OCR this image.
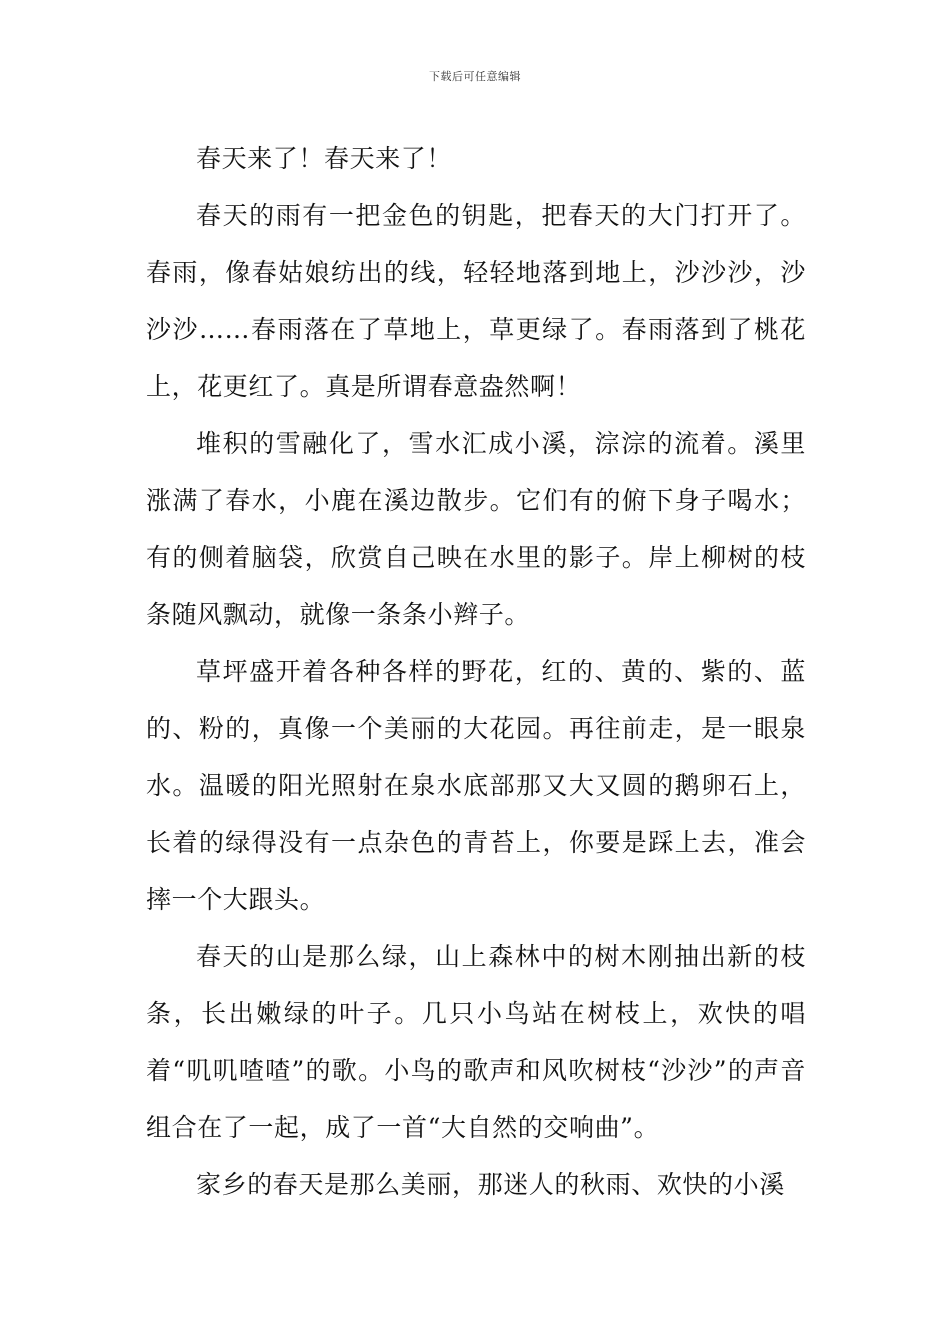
下载后可任意编辑

春天来了！春天来了！

春天的雨有一把金色的钥匙，把春天的大门打开了。春雨，像春姑娘纺出的线，轻轻地落到地上，沙沙沙，沙沙沙……春雨落在了草地上，草更绿了。春雨落到了桃花上，花更红了。真是所谓春意盎然啊！

堆积的雪融化了，雪水汇成小溪，淙淙的流着。溪里涨满了春水，小鹿在溪边散步。它们有的俯下身子喝水；有的侧着脑袋，欣赏自己映在水里的影子。岸上柳树的枝条随风飘动，就像一条条小辫子。

草坪盛开着各种各样的野花，红的、黄的、紫的、蓝的、粉的，真像一个美丽的大花园。再往前走，是一眼泉水。温暖的阳光照射在泉水底部那又大又圆的鹅卵石上，长着的绿得没有一点杂色的青苔上，你要是踩上去，准会摔一个大跟头。

春天的山是那么绿，山上森林中的树木刚抽出新的枝条，长出嫩绿的叶子。几只小鸟站在树枝上，欢快的唱着“叽叽喳喳”的歌。小鸟的歌声和风吹树枝“沙沙”的声音组合在了一起，成了一首“大自然的交响曲”。

家乡的春天是那么美丽，那迷人的秋雨、欢快的小溪
